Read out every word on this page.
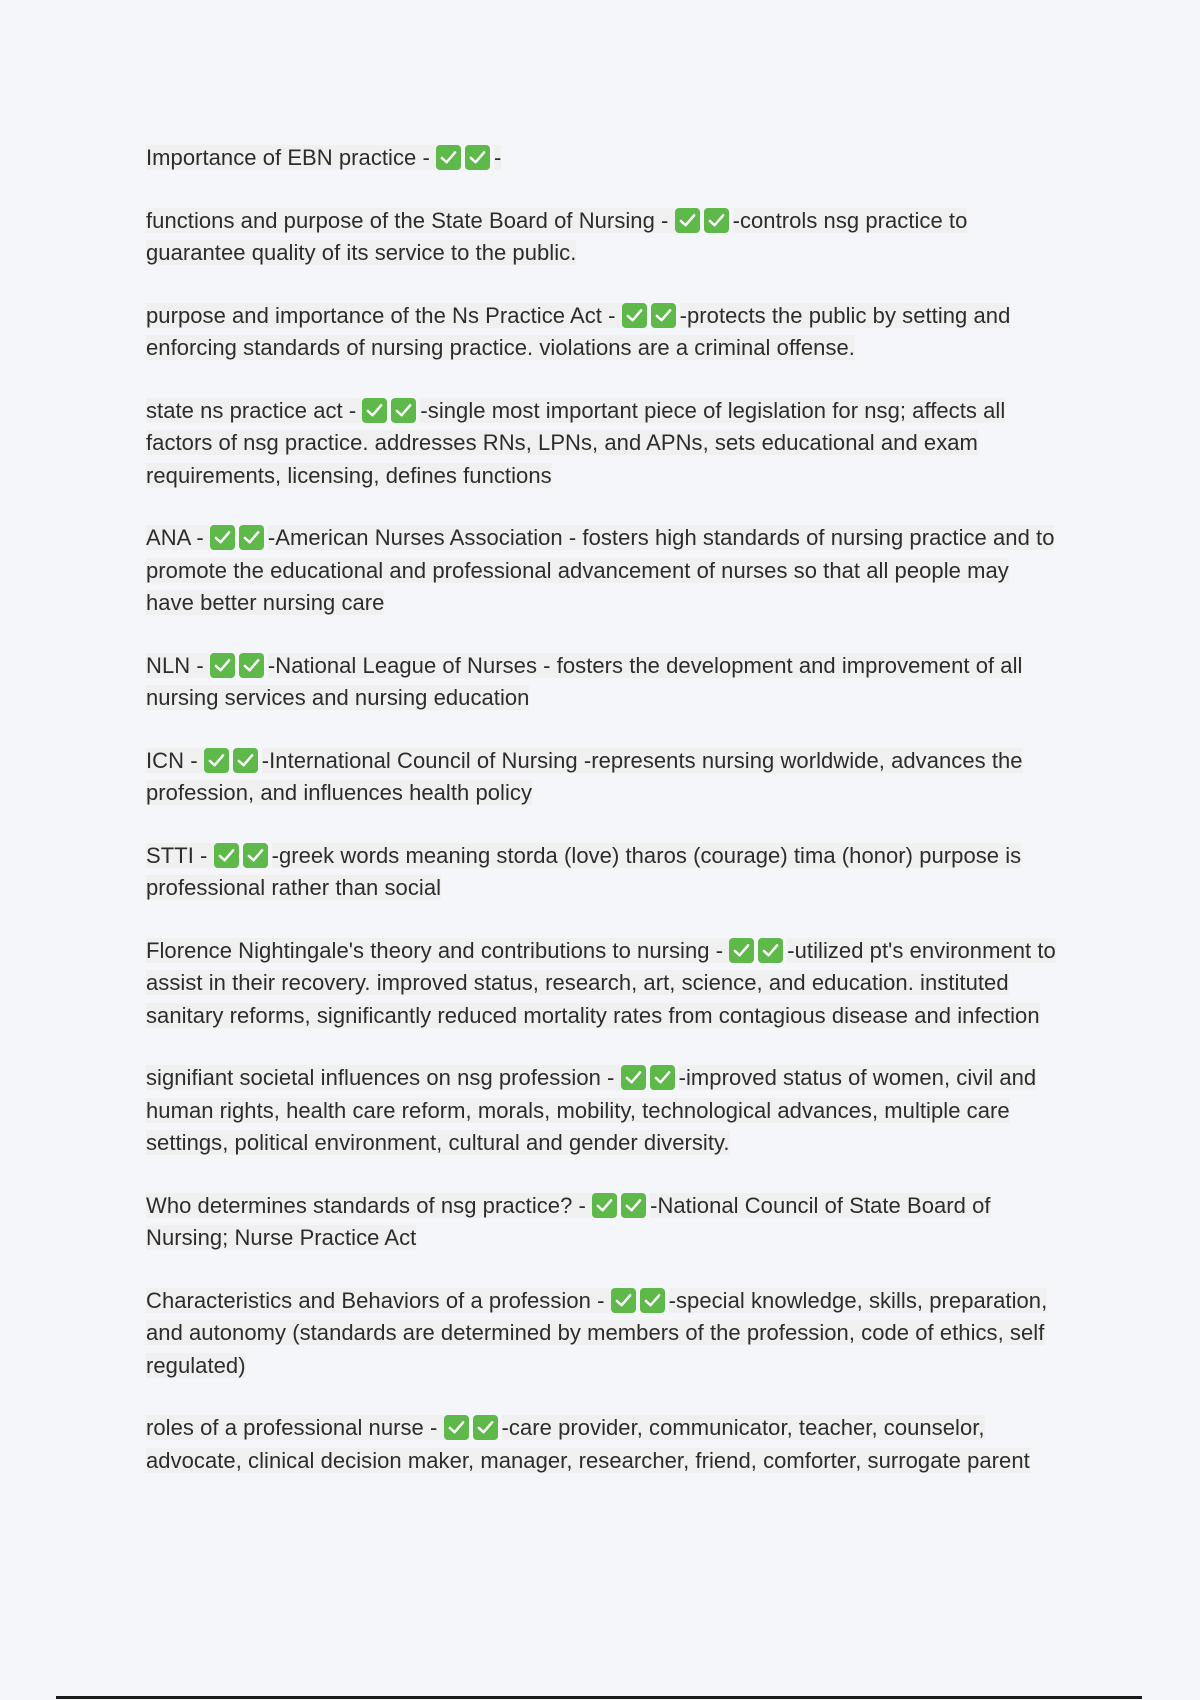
Importance of EBN practice -	-

functions and purpose of the State Board of Nursing -	-controls nsg practice to guarantee quality of its service to the public.

purpose and importance of the Ns Practice Act -	-protects the public by setting and enforcing standards of nursing practice. violations are a criminal offense.

state ns practice act -	-single most important piece of legislation for nsg; affects all factors of nsg practice. addresses RNs, LPNs, and APNs, sets educational and exam requirements, licensing, defines functions

ANA -	-American Nurses Association - fosters high standards of nursing practice and to promote the educational and professional advancement of nurses so that all people may have better nursing care

NLN -	-National League of Nurses - fosters the development and improvement of all nursing services and nursing education

ICN -	-International Council of Nursing -represents nursing worldwide, advances the profession, and influences health policy

STTI -	-greek words meaning storda (love) tharos (courage) tima (honor) purpose is professional rather than social

Florence Nightingale's theory and contributions to nursing -	-utilized pt's environment to assist in their recovery. improved status, research, art, science, and education. instituted sanitary reforms, significantly reduced mortality rates from contagious disease and infection

signifiant societal influences on nsg profession -	-improved status of women, civil and human rights, health care reform, morals, mobility, technological advances, multiple care settings, political environment, cultural and gender diversity.

Who determines standards of nsg practice? -	-National Council of State Board of Nursing; Nurse Practice Act

Characteristics and Behaviors of a profession -	-special knowledge, skills, preparation, and autonomy (standards are determined by members of the profession, code of ethics, self regulated)

roles of a professional nurse -	-care provider, communicator, teacher, counselor, advocate, clinical decision maker, manager, researcher, friend, comforter, surrogate parent
